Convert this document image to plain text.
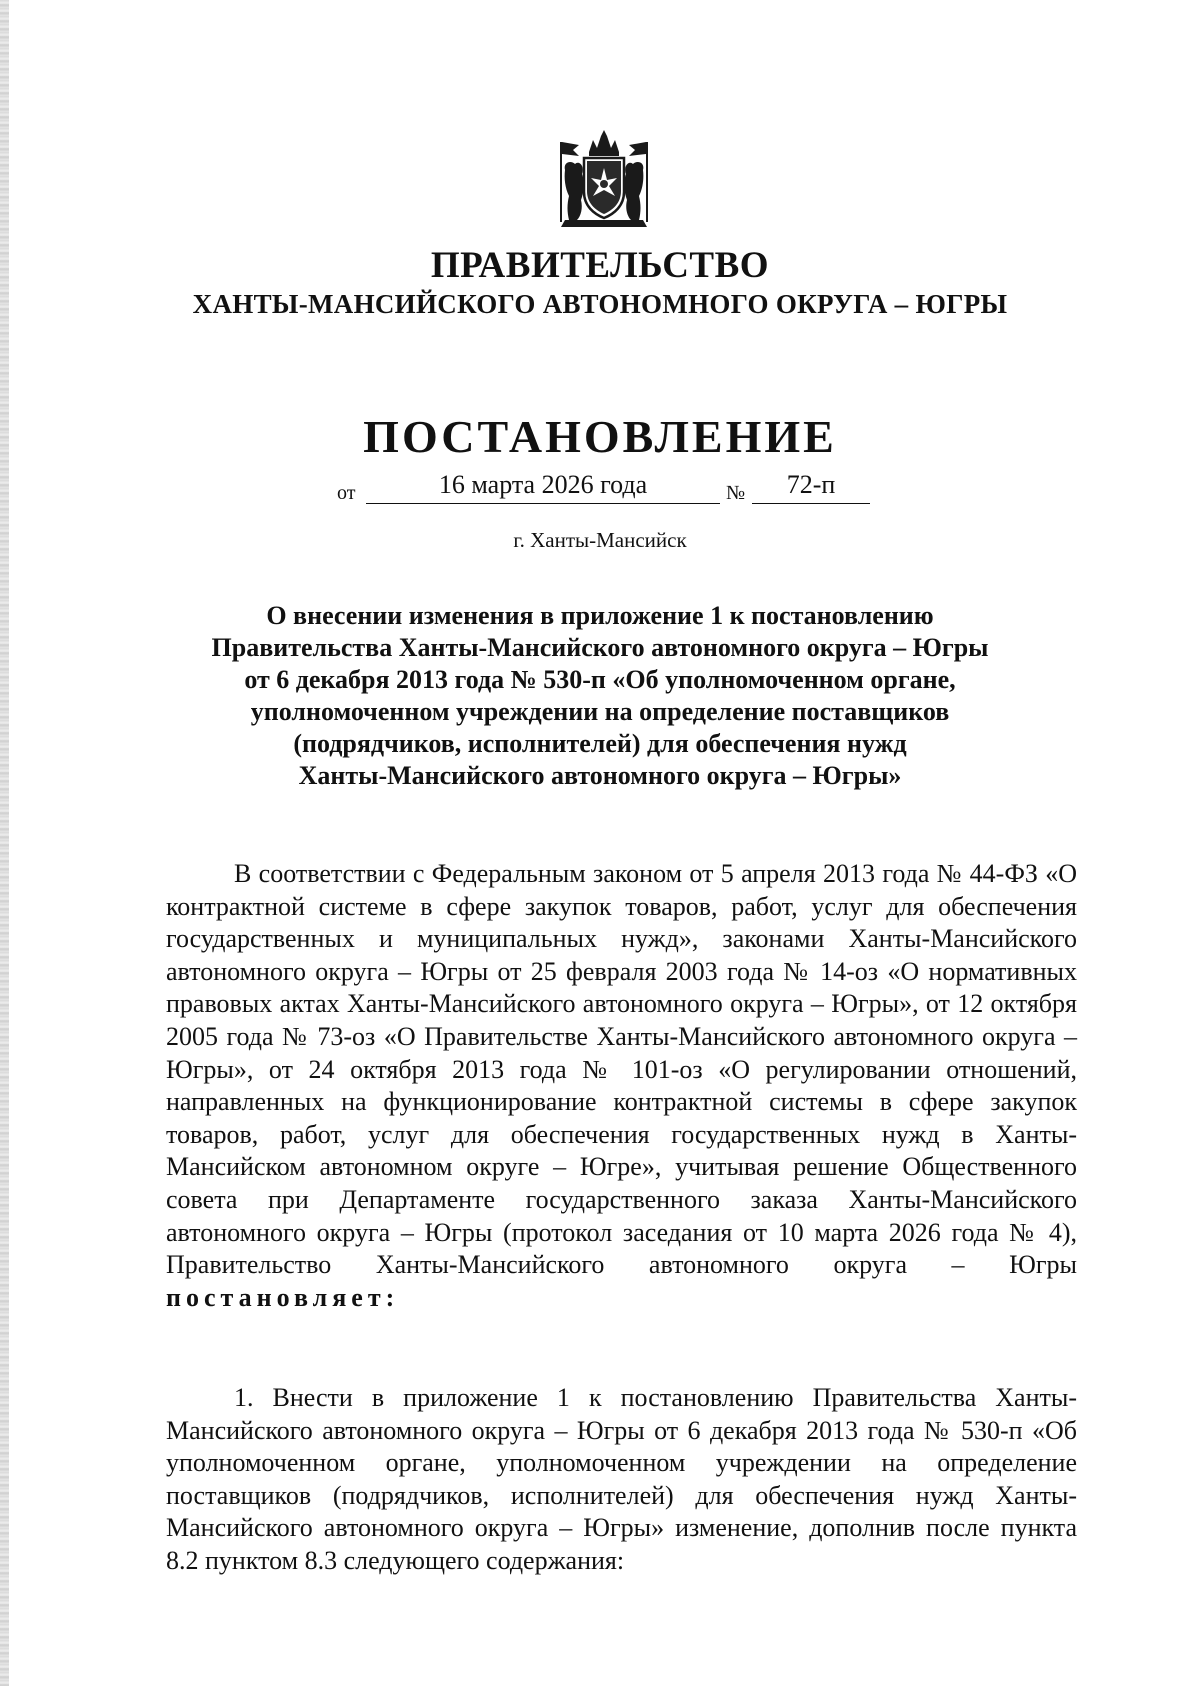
ПРАВИТЕЛЬСТВО
ХАНТЫ-МАНСИЙСКОГО АВТОНОМНОГО ОКРУГА – ЮГРЫ
ПОСТАНОВЛЕНИЕ
от	16 марта 2026 года	№	72-п
г. Ханты-Мансийск
О внесении изменения в приложение 1 к постановлению
Правительства Ханты-Мансийского автономного округа – Югры
от 6 декабря 2013 года № 530-п «Об уполномоченном органе,
уполномоченном учреждении на определение поставщиков
(подрядчиков, исполнителей) для обеспечения нужд
Ханты-Мансийского автономного округа – Югры»

В соответствии с Федеральным законом от 5 апреля 2013 года № 44-ФЗ «О контрактной системе в сфере закупок товаров, работ, услуг для обеспечения государственных и муниципальных нужд», законами Ханты-Мансийского автономного округа – Югры от 25 февраля 2003 года № 14-оз «О нормативных правовых актах Ханты-Мансийского автономного округа – Югры», от 12 октября 2005 года № 73-оз «О Правительстве Ханты-Мансийского автономного округа – Югры», от 24 октября 2013 года № 101-оз «О регулировании отношений, направленных на функционирование контрактной системы в сфере закупок товаров, работ, услуг для обеспечения государственных нужд в Ханты-Мансийском автономном округе – Югре», учитывая решение Общественного совета при Департаменте государственного заказа Ханты-Мансийского автономного округа – Югры (протокол заседания от 10 марта 2026 года № 4), Правительство Ханты-Мансийского автономного округа – Югры постановляет:

1. Внести в приложение 1 к постановлению Правительства Ханты-Мансийского автономного округа – Югры от 6 декабря 2013 года № 530-п «Об уполномоченном органе, уполномоченном учреждении на определение поставщиков (подрядчиков, исполнителей) для обеспечения нужд Ханты-Мансийского автономного округа – Югры» изменение, дополнив после пункта 8.2 пунктом 8.3 следующего содержания:
